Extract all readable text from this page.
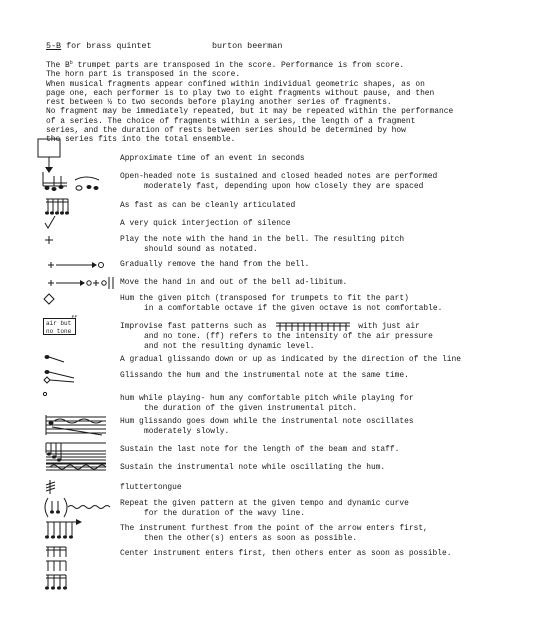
5-B for brass quintet	burton beerman
The $B^b$ trumpet parts are transposed in the score. Performance is from score.
The horn part is transposed in the score.
When musical fragments appear confined within individual geometric shapes, as on
page one, each performer is to play two to eight fragments without pause, and then
rest between ½ to two seconds before playing another series of fragments.
No fragment may be immediately repeated, but it may be repeated within the performance
of a series. The choice of fragments within a series, the length of a fragment
series, and the duration of rests between series should be determined by how
the series fits into the total ensemble.
Approximate time of an event in seconds
Open-headed note is sustained and closed headed notes are performed
moderately fast, depending upon how closely they are spaced
As fast as can be cleanly articulated
A very quick interjection of silence
Play the note with the hand in the bell. The resulting pitch
should sound as notated.
Gradually remove the hand from the bell.
Move the hand in and out of the bell ad-libitum.
Hum the given pitch (transposed for trumpets to fit the part)
in a comfortable octave if the given octave is not comfortable.
air but
no tone
ff
Improvise fast patterns such as	with just air
and no tone. (ff) refers to the intensity of the air pressure
and not the resulting dynamic level.
A gradual glissando down or up as indicated by the direction of the line
Glissando the hum and the instrumental note at the same time.
hum while playing- hum any comfortable pitch while playing for
the duration of the given instrumental pitch.
Hum glissando goes down while the instrumental note oscillates
moderately slowly.
Sustain the last note for the length of the beam and staff.
Sustain the instrumental note while oscillating the hum.
fluttertongue
Repeat the given pattern at the given tempo and dynamic curve
for the duration of the wavy line.
The instrument furthest from the point of the arrow enters first,
then the other(s) enters as soon as possible.
Center instrument enters first, then others enter as soon as possible.
